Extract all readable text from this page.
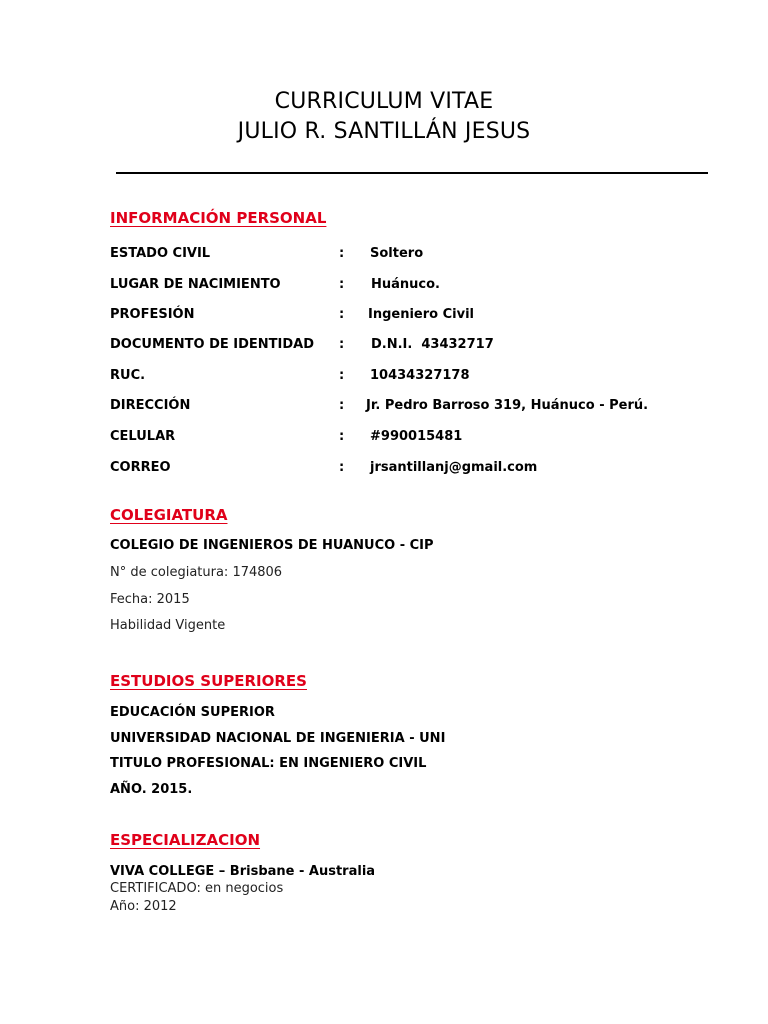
CURRICULUM VITAE
JULIO R. SANTILLÁN JESUS
INFORMACIÓN PERSONAL
ESTADO CIVIL	: Soltero
LUGAR DE NACIMIENTO	: Huánuco.
PROFESIÓN	: Ingeniero Civil
DOCUMENTO DE IDENTIDAD : D.N.I.  43432717
RUC.	: 10434327178
DIRECCIÓN	: Jr. Pedro Barroso 319, Huánuco - Perú.
CELULAR	: #990015481
CORREO	: jrsantillanj@gmail.com
COLEGIATURA
COLEGIO DE INGENIEROS DE HUANUCO - CIP
N° de colegiatura: 174806
Fecha: 2015
Habilidad Vigente
ESTUDIOS SUPERIORES
EDUCACIÓN SUPERIOR
UNIVERSIDAD NACIONAL DE INGENIERIA - UNI
TITULO PROFESIONAL: EN INGENIERO CIVIL
AÑO. 2015.
ESPECIALIZACION
VIVA COLLEGE – Brisbane - Australia
CERTIFICADO: en negocios
Año: 2012
